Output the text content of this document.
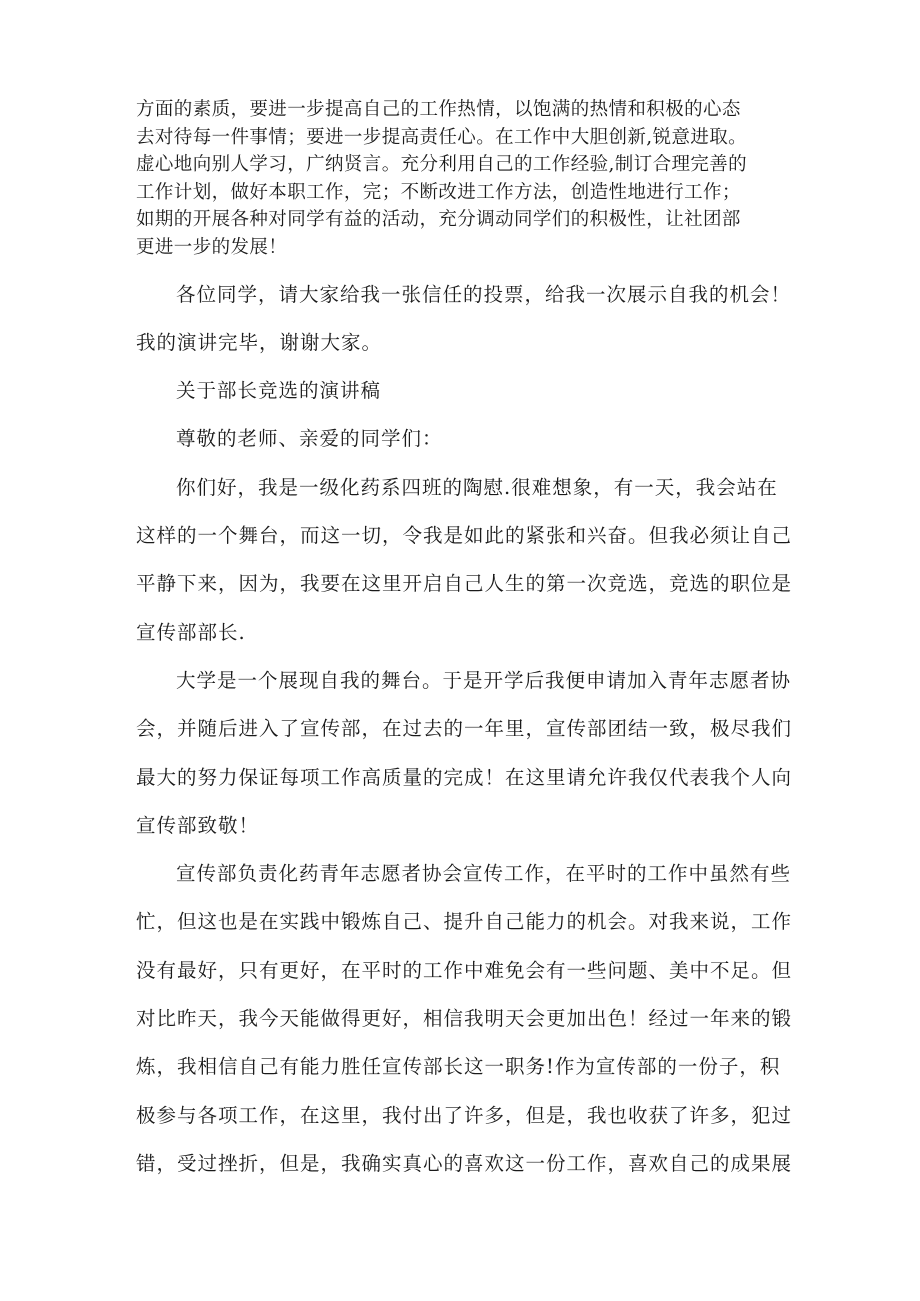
方面的素质，要进一步提高自己的工作热情，以饱满的热情和积极的心态
去对待每一件事情；要进一步提高责任心。在工作中大胆创新,锐意进取。
虚心地向别人学习，广纳贤言。充分利用自己的工作经验,制订合理完善的
工作计划，做好本职工作，完；不断改进工作方法，创造性地进行工作；
如期的开展各种对同学有益的活动，充分调动同学们的积极性，让社团部
更进一步的发展！

各位同学，请大家给我一张信任的投票，给我一次展示自我的机会！
我的演讲完毕，谢谢大家。

关于部长竞选的演讲稿

尊敬的老师、亲爱的同学们：

你们好，我是一级化药系四班的陶慰.很难想象，有一天，我会站在
这样的一个舞台，而这一切，令我是如此的紧张和兴奋。但我必须让自己
平静下来，因为，我要在这里开启自己人生的第一次竞选，竞选的职位是
宣传部部长.

大学是一个展现自我的舞台。于是开学后我便申请加入青年志愿者协
会，并随后进入了宣传部，在过去的一年里，宣传部团结一致，极尽我们
最大的努力保证每项工作高质量的完成！在这里请允许我仅代表我个人向
宣传部致敬！

宣传部负责化药青年志愿者协会宣传工作，在平时的工作中虽然有些
忙，但这也是在实践中锻炼自己、提升自己能力的机会。对我来说，工作
没有最好，只有更好，在平时的工作中难免会有一些问题、美中不足。但
对比昨天，我今天能做得更好，相信我明天会更加出色！经过一年来的锻
炼，我相信自己有能力胜任宣传部长这一职务!作为宣传部的一份子，积
极参与各项工作，在这里，我付出了许多，但是，我也收获了许多，犯过
错，受过挫折，但是，我确实真心的喜欢这一份工作，喜欢自己的成果展
